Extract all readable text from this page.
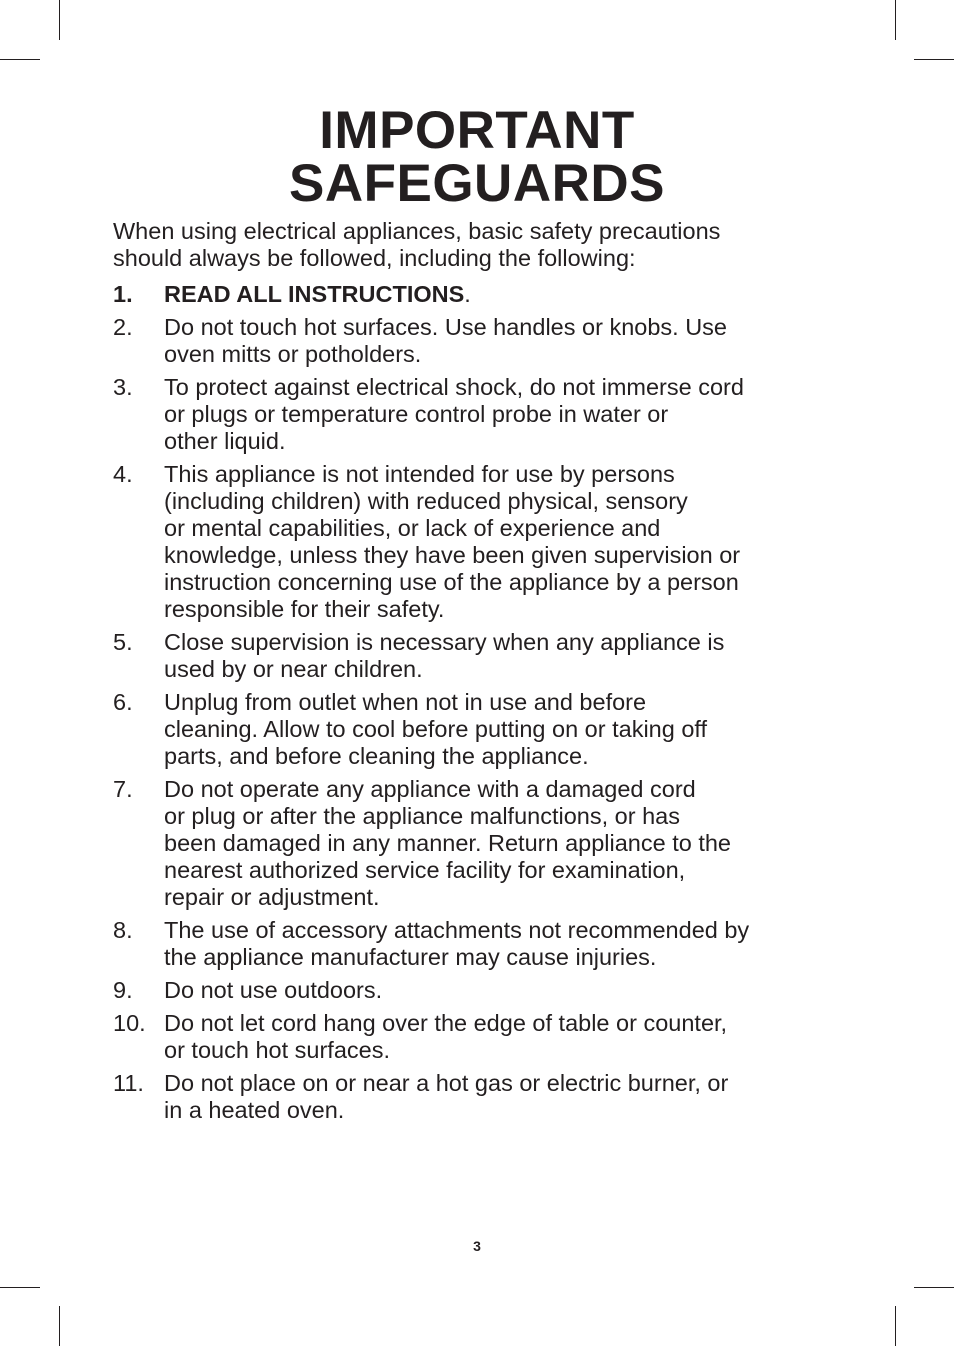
IMPORTANT
SAFEGUARDS

When using electrical appliances, basic safety precautions
should always be followed, including the following:

1. READ ALL INSTRUCTIONS.
2. Do not touch hot surfaces. Use handles or knobs. Use
oven mitts or potholders.
3. To protect against electrical shock, do not immerse cord
or plugs or temperature control probe in water or
other liquid.
4. This appliance is not intended for use by persons
(including children) with reduced physical, sensory
or mental capabilities, or lack of experience and
knowledge, unless they have been given supervision or
instruction concerning use of the appliance by a person
responsible for their safety.
5. Close supervision is necessary when any appliance is
used by or near children.
6. Unplug from outlet when not in use and before
cleaning. Allow to cool before putting on or taking off
parts, and before cleaning the appliance.
7. Do not operate any appliance with a damaged cord
or plug or after the appliance malfunctions, or has
been damaged in any manner. Return appliance to the
nearest authorized service facility for examination,
repair or adjustment.
8. The use of accessory attachments not recommended by
the appliance manufacturer may cause injuries.
9. Do not use outdoors.
10. Do not let cord hang over the edge of table or counter,
or touch hot surfaces.
11. Do not place on or near a hot gas or electric burner, or
in a heated oven.
3
